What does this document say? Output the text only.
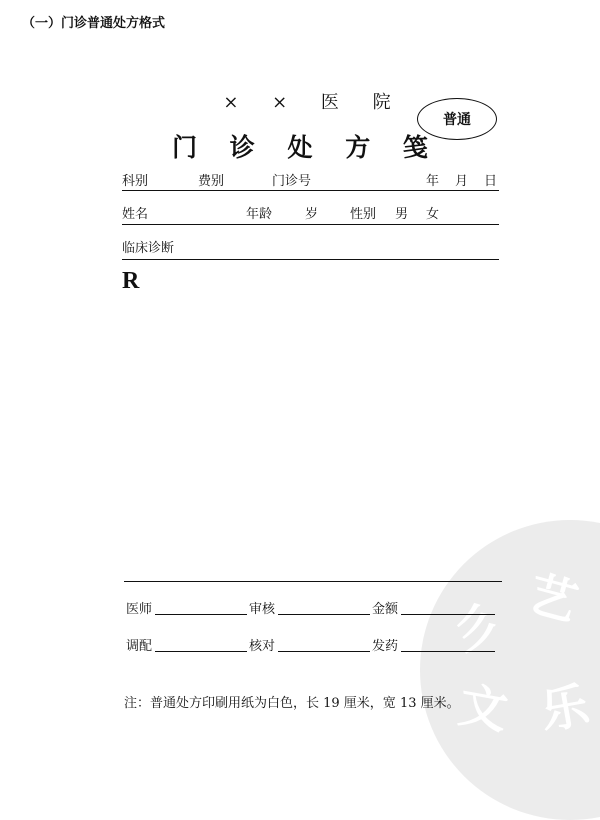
（一）门诊普通处方格式
× × 医 院
门 诊 处 方 笺
普通
科别	费别	门诊号	年 月 日
姓名	年龄	岁 性别 男 女
临床诊断
R
彡 艺
文 乐
医师	审核	金额
调配	核对	发药
注：普通处方印刷用纸为白色，长 19 厘米，宽 13 厘米。
